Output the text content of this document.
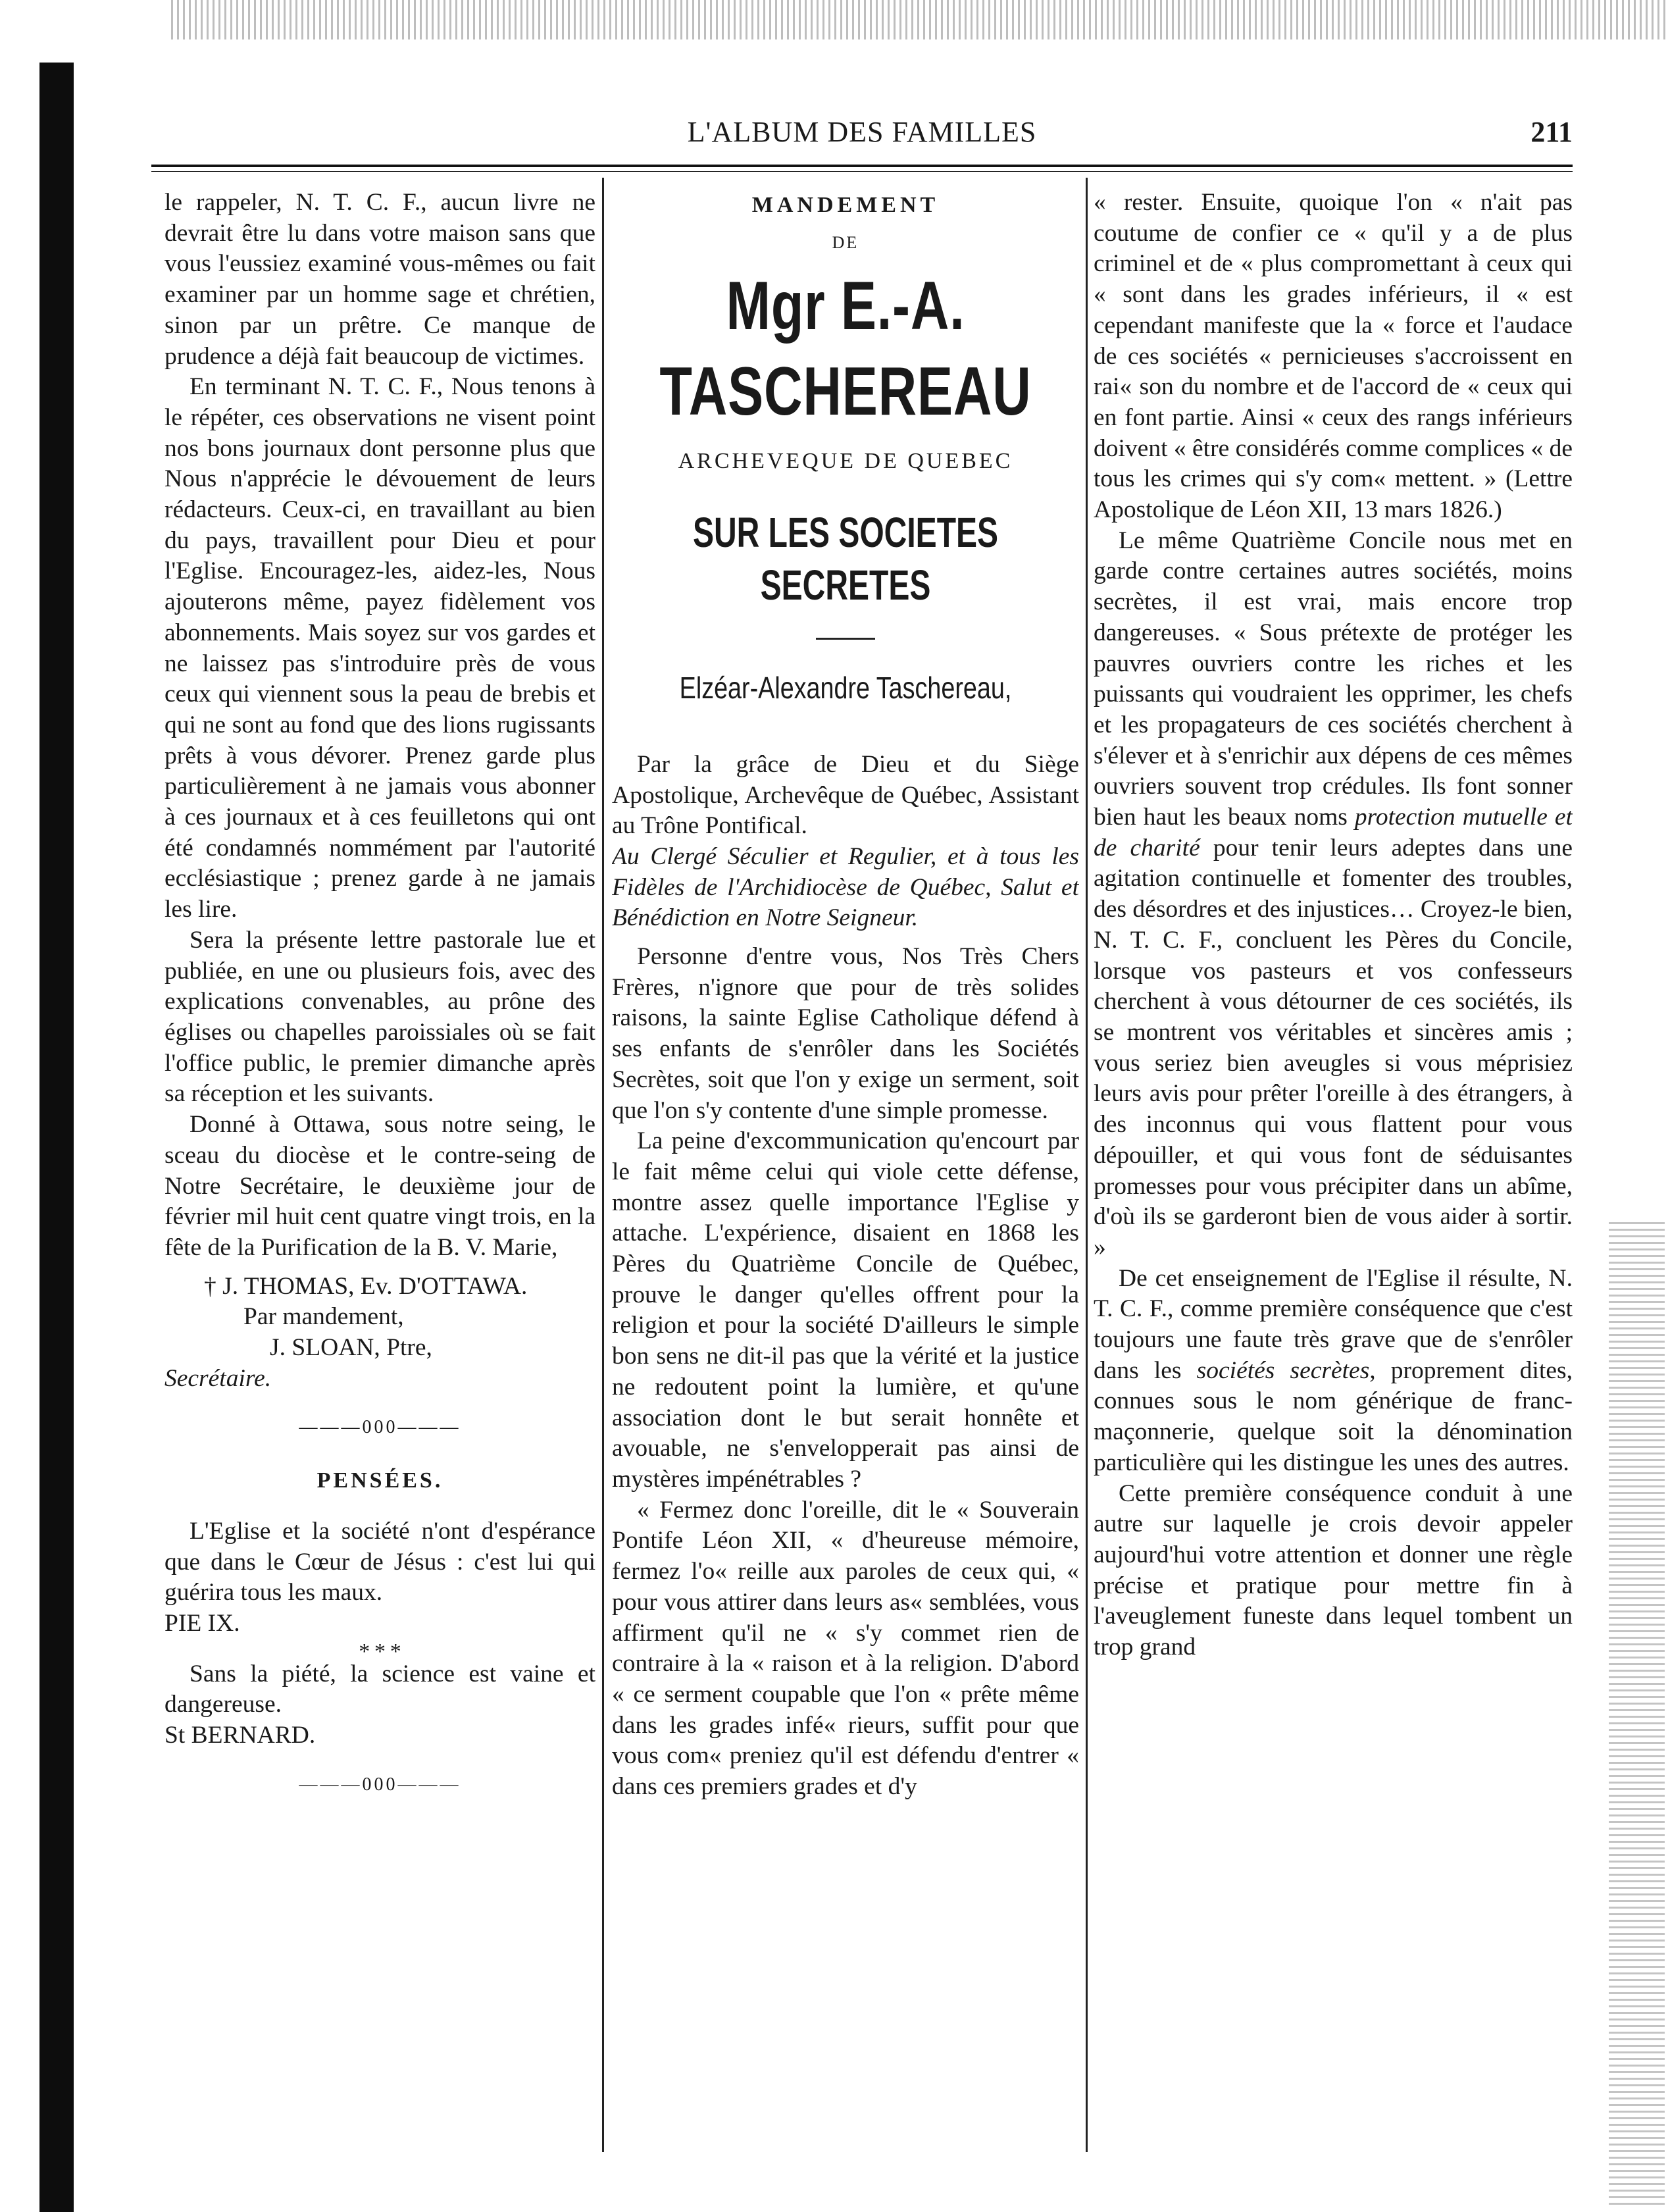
L'ALBUM DES FAMILLES	211

le rappeler, N. T. C. F., aucun livre ne devrait être lu dans votre maison sans que vous l'eussiez examiné vous-mêmes ou fait examiner par un homme sage et chrétien, sinon par un prêtre. Ce manque de prudence a déjà fait beaucoup de victimes.

En terminant N. T. C. F., Nous tenons à le répéter, ces observations ne visent point nos bons journaux dont personne plus que Nous n'apprécie le dévouement de leurs rédacteurs. Ceux-ci, en travaillant au bien du pays, travaillent pour Dieu et pour l'Eglise. Encouragez-les, aidez-les, Nous ajouterons même, payez fidèlement vos abonnements. Mais soyez sur vos gardes et ne laissez pas s'introduire près de vous ceux qui viennent sous la peau de brebis et qui ne sont au fond que des lions rugissants prêts à vous dévorer. Prenez garde plus particulièrement à ne jamais vous abonner à ces journaux et à ces feuilletons qui ont été condamnés nommément par l'autorité ecclésiastique ; prenez garde à ne jamais les lire.

Sera la présente lettre pastorale lue et publiée, en une ou plusieurs fois, avec des explications convenables, au prône des églises ou chapelles paroissiales où se fait l'office public, le premier dimanche après sa réception et les suivants.

Donné à Ottawa, sous notre seing, le sceau du diocèse et le contre-seing de Notre Secrétaire, le deuxième jour de février mil huit cent quatre vingt trois, en la fête de la Purification de la B. V. Marie,

† J. THOMAS, Ev. D'OTTAWA.

Par mandement,

J. SLOAN, Ptre,

Secrétaire.

———000———
PENSÉES.

L'Eglise et la société n'ont d'espérance que dans le Cœur de Jésus : c'est lui qui guérira tous les maux.

PIE IX.

* * *

Sans la piété, la science est vaine et dangereuse.

St BERNARD.

———000———
MANDEMENT
DE
Mgr E.-A. TASCHEREAU
ARCHEVEQUE DE QUEBEC
SUR LES SOCIETES SECRETES
Elzéar-Alexandre Taschereau,

Par la grâce de Dieu et du Siège Apostolique, Archevêque de Québec, Assistant au Trône Pontifical.

Au Clergé Séculier et Regulier, et à tous les Fidèles de l'Archidiocèse de Québec, Salut et Bénédiction en Notre Seigneur.

Personne d'entre vous, Nos Très Chers Frères, n'ignore que pour de très solides raisons, la sainte Eglise Catholique défend à ses enfants de s'enrôler dans les Sociétés Secrètes, soit que l'on y exige un serment, soit que l'on s'y contente d'une simple promesse.

La peine d'excommunication qu'encourt par le fait même celui qui viole cette défense, montre assez quelle importance l'Eglise y attache. L'expérience, disaient en 1868 les Pères du Quatrième Concile de Québec, prouve le danger qu'elles offrent pour la religion et pour la société D'ailleurs le simple bon sens ne dit-il pas que la vérité et la justice ne redoutent point la lumière, et qu'une association dont le but serait honnête et avouable, ne s'envelopperait pas ainsi de mystères impénétrables ?

« Fermez donc l'oreille, dit le « Souverain Pontife Léon XII, « d'heureuse mémoire, fermez l'o« reille aux paroles de ceux qui, « pour vous attirer dans leurs as« semblées, vous affirment qu'il ne « s'y commet rien de contraire à la « raison et à la religion. D'abord « ce serment coupable que l'on « prête même dans les grades infé« rieurs, suffit pour que vous com« preniez qu'il est défendu d'entrer « dans ces premiers grades et d'y

« rester. Ensuite, quoique l'on « n'ait pas coutume de confier ce « qu'il y a de plus criminel et de « plus compromettant à ceux qui « sont dans les grades inférieurs, il « est cependant manifeste que la « force et l'audace de ces sociétés « pernicieuses s'accroissent en rai« son du nombre et de l'accord de « ceux qui en font partie. Ainsi « ceux des rangs inférieurs doivent « être considérés comme complices « de tous les crimes qui s'y com« mettent. » (Lettre Apostolique de Léon XII, 13 mars 1826.)

Le même Quatrième Concile nous met en garde contre certaines autres sociétés, moins secrètes, il est vrai, mais encore trop dangereuses. « Sous prétexte de protéger les pauvres ouvriers contre les riches et les puissants qui voudraient les opprimer, les chefs et les propagateurs de ces sociétés cherchent à s'élever et à s'enrichir aux dépens de ces mêmes ouvriers souvent trop crédules. Ils font sonner bien haut les beaux noms protection mutuelle et de charité pour tenir leurs adeptes dans une agitation continuelle et fomenter des troubles, des désordres et des injustices… Croyez-le bien, N. T. C. F., concluent les Pères du Concile, lorsque vos pasteurs et vos confesseurs cherchent à vous détourner de ces sociétés, ils se montrent vos véritables et sincères amis ; vous seriez bien aveugles si vous méprisiez leurs avis pour prêter l'oreille à des étrangers, à des inconnus qui vous flattent pour vous dépouiller, et qui vous font de séduisantes promesses pour vous précipiter dans un abîme, d'où ils se garderont bien de vous aider à sortir. »

De cet enseignement de l'Eglise il résulte, N. T. C. F., comme première conséquence que c'est toujours une faute très grave que de s'enrôler dans les sociétés secrètes, proprement dites, connues sous le nom générique de franc-maçonnerie, quelque soit la dénomination particulière qui les distingue les unes des autres.

Cette première conséquence conduit à une autre sur laquelle je crois devoir appeler aujourd'hui votre attention et donner une règle précise et pratique pour mettre fin à l'aveuglement funeste dans lequel tombent un trop grand
